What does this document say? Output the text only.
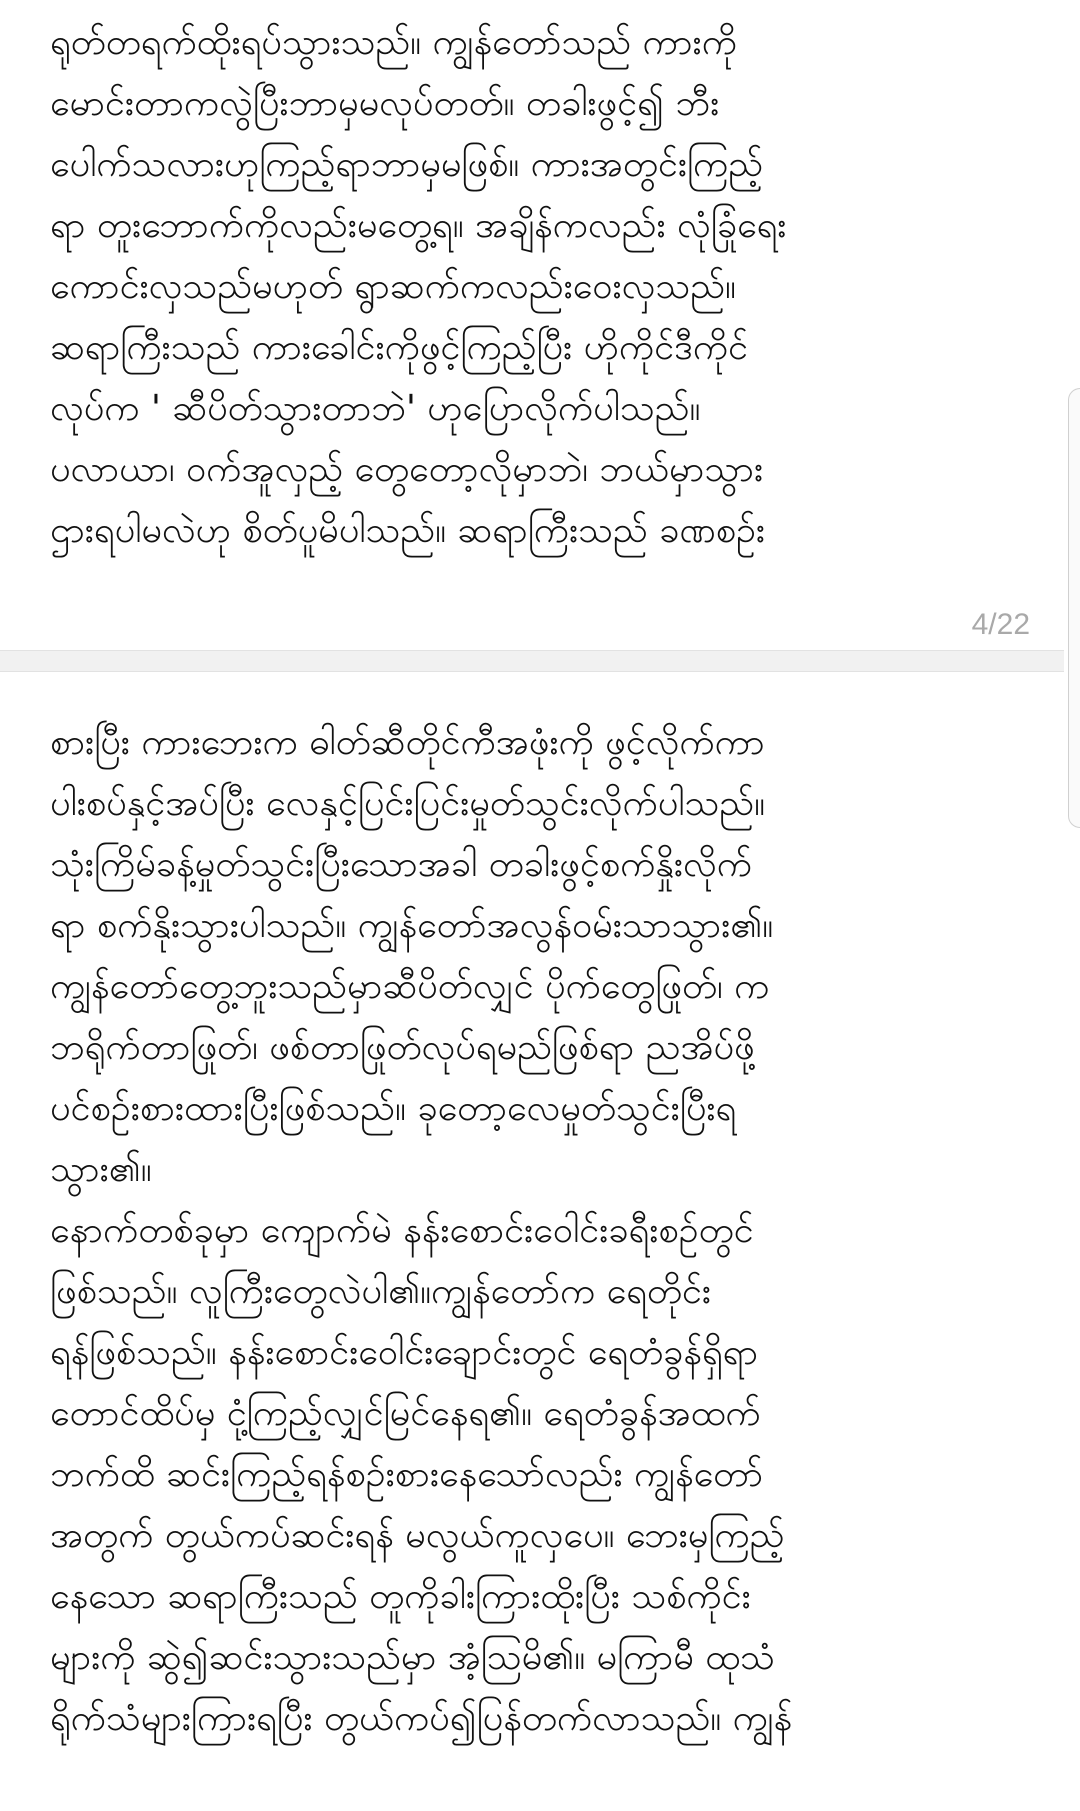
ရုတ်တရက်ထိုးရပ်သွားသည်။ ကျွန်တော်သည် ကားကို
မောင်းတာကလွဲပြီးဘာမှမလုပ်တတ်။ တခါးဖွင့်၍ ဘီး
ပေါက်သလားဟုကြည့်ရာဘာမှမဖြစ်။ ကားအတွင်းကြည့်
ရာ တူးဘောက်ကိုလည်းမတွေ့ရ။ အချိန်ကလည်း လုံခြုံရေး
ကောင်းလှသည်မဟုတ် ရွာဆက်ကလည်းဝေးလှသည်။
ဆရာကြီးသည် ကားခေါင်းကိုဖွင့်ကြည့်ပြီး ဟိုကိုင်ဒီကိုင်
လုပ်က ' ဆီပိတ်သွားတာဘဲ' ဟုပြောလိုက်ပါသည်။
ပလာယာ၊ ဝက်အူလှည့် တွေတော့လိုမှာဘဲ၊ ဘယ်မှာသွား
ဌားရပါမလဲဟု စိတ်ပူမိပါသည်။ ဆရာကြီးသည် ခဏစဉ်း
4/22
စားပြီး ကားဘေးက ဓါတ်ဆီတိုင်ကီအဖုံးကို ဖွင့်လိုက်ကာ
ပါးစပ်နှင့်အပ်ပြီး လေနှင့်ပြင်းပြင်းမှုတ်သွင်းလိုက်ပါသည်။
သုံးကြိမ်ခန့်မှုတ်သွင်းပြီးသောအခါ တခါးဖွင့်စက်နှိုးလိုက်
ရာ စက်နိုးသွားပါသည်။ ကျွန်တော်အလွန်ဝမ်းသာသွား၏။
ကျွန်တော်တွေ့ဘူးသည်မှာဆီပိတ်လျှင် ပိုက်တွေဖြုတ်၊ က
ဘရိုက်တာဖြုတ်၊ ဖစ်တာဖြုတ်လုပ်ရမည်ဖြစ်ရာ ညအိပ်ဖို့
ပင်စဉ်းစားထားပြီးဖြစ်သည်။ ခုတော့လေမှုတ်သွင်းပြီးရ
သွား၏။
နောက်တစ်ခုမှာ ကျောက်မဲ နန်းစောင်းဝေါင်းခရီးစဉ်တွင်
ဖြစ်သည်။ လူကြီးတွေလဲပါ၏။ကျွန်တော်က ရေတိုင်း
ရန်ဖြစ်သည်။ နန်းစောင်းဝေါင်းချောင်းတွင် ရေတံခွန်ရှိရာ
တောင်ထိပ်မှ ငုံ့ကြည့်လျှင်မြင်နေရ၏။ ရေတံခွန်အထက်
ဘက်ထိ ဆင်းကြည့်ရန်စဉ်းစားနေသော်လည်း ကျွန်တော်
အတွက် တွယ်ကပ်ဆင်းရန် မလွယ်ကူလှပေ။ ဘေးမှကြည့်
နေသော ဆရာကြီးသည် တူကိုခါးကြားထိုးပြီး သစ်ကိုင်း
များကို ဆွဲ၍ဆင်းသွားသည်မှာ အံ့ဩမိ၏။ မကြာမီ ထုသံ
ရိုက်သံများကြားရပြီး တွယ်ကပ်၍ပြန်တက်လာသည်။ ကျွန်
